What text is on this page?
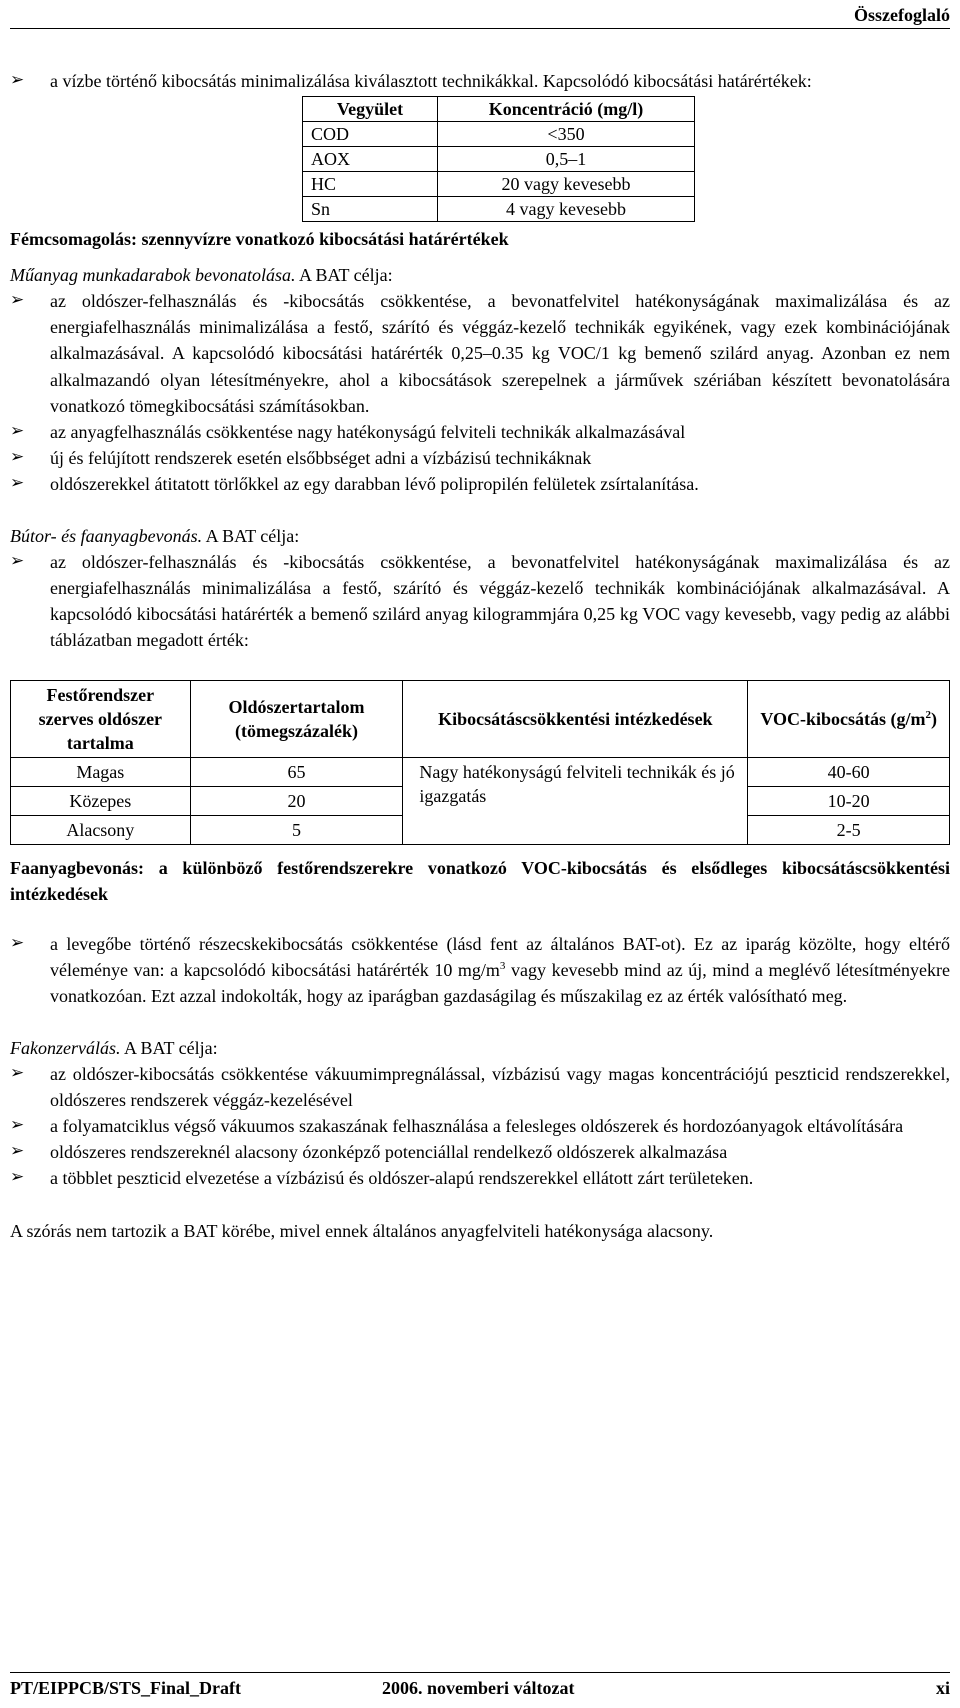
Összefoglaló
➢	a vízbe történő kibocsátás minimalizálása kiválasztott technikákkal. Kapcsolódó kibocsátási határértékek:
Vegyület	Koncentráció (mg/l)
COD	<350
AOX	0,5–1
HC	20 vagy kevesebb
Sn	4 vagy kevesebb

Fémcsomagolás: szennyvízre vonatkozó kibocsátási határértékek

Műanyag munkadarabok bevonatolása. A BAT célja:

➢	az oldószer-felhasználás és -kibocsátás csökkentése, a bevonatfelvitel hatékonyságának maximalizálása és az energiafelhasználás minimalizálása a festő, szárító és véggáz-kezelő technikák egyikének, vagy ezek kombinációjának alkalmazásával. A kapcsolódó kibocsátási határérték 0,25–0.35 kg VOC/1 kg bemenő szilárd anyag. Azonban ez nem alkalmazandó olyan létesítményekre, ahol a kibocsátások szerepelnek a járművek szériában készített bevonatolására vonatkozó tömegkibocsátási számításokban.
➢	az anyagfelhasználás csökkentése nagy hatékonyságú felviteli technikák alkalmazásával
➢	új és felújított rendszerek esetén elsőbbséget adni a vízbázisú technikáknak
➢	oldószerekkel átitatott törlőkkel az egy darabban lévő polipropilén felületek zsírtalanítása.

Bútor- és faanyagbevonás. A BAT célja:

➢	az oldószer-felhasználás és -kibocsátás csökkentése, a bevonatfelvitel hatékonyságának maximalizálása és az energiafelhasználás minimalizálása a festő, szárító és véggáz-kezelő technikák kombinációjának alkalmazásával. A kapcsolódó kibocsátási határérték a bemenő szilárd anyag kilogrammjára 0,25 kg VOC vagy kevesebb, vagy pedig az alábbi táblázatban megadott érték:
Festőrendszer szerves oldószer tartalma	Oldószertartalom (tömegszázalék)	Kibocsátáscsökkentési intézkedések	VOC-kibocsátás $(g/m^2)$
Magas	65	Nagy hatékonyságú felviteli technikák és jó igazgatás	40-60
Közepes	20		10-20
Alacsony	5		2-5

Faanyagbevonás: a különböző festőrendszerekre vonatkozó VOC-kibocsátás és elsődleges kibocsátáscsökkentési intézkedések

➢	a levegőbe történő részecskekibocsátás csökkentése (lásd fent az általános BAT-ot). Ez az iparág közölte, hogy eltérő véleménye van: a kapcsolódó kibocsátási határérték 10 $mg/m^3$ vagy kevesebb mind az új, mind a meglévő létesítményekre vonatkozóan. Ezt azzal indokolták, hogy az iparágban gazdaságilag és műszakilag ez az érték valósítható meg.

Fakonzerválás. A BAT célja:

➢	az oldószer-kibocsátás csökkentése vákuumimpregnálással, vízbázisú vagy magas koncentrációjú peszticid rendszerekkel, oldószeres rendszerek véggáz-kezelésével
➢	a folyamatciklus végső vákuumos szakaszának felhasználása a felesleges oldószerek és hordozóanyagok eltávolítására
➢	oldószeres rendszereknél alacsony ózonképző potenciállal rendelkező oldószerek alkalmazása
➢	a többlet peszticid elvezetése a vízbázisú és oldószer-alapú rendszerekkel ellátott zárt területeken.

A szórás nem tartozik a BAT körébe, mivel ennek általános anyagfelviteli hatékonysága alacsony.

PT/EIPPCB/STS_Final_Draft	2006. novemberi változat	xi
